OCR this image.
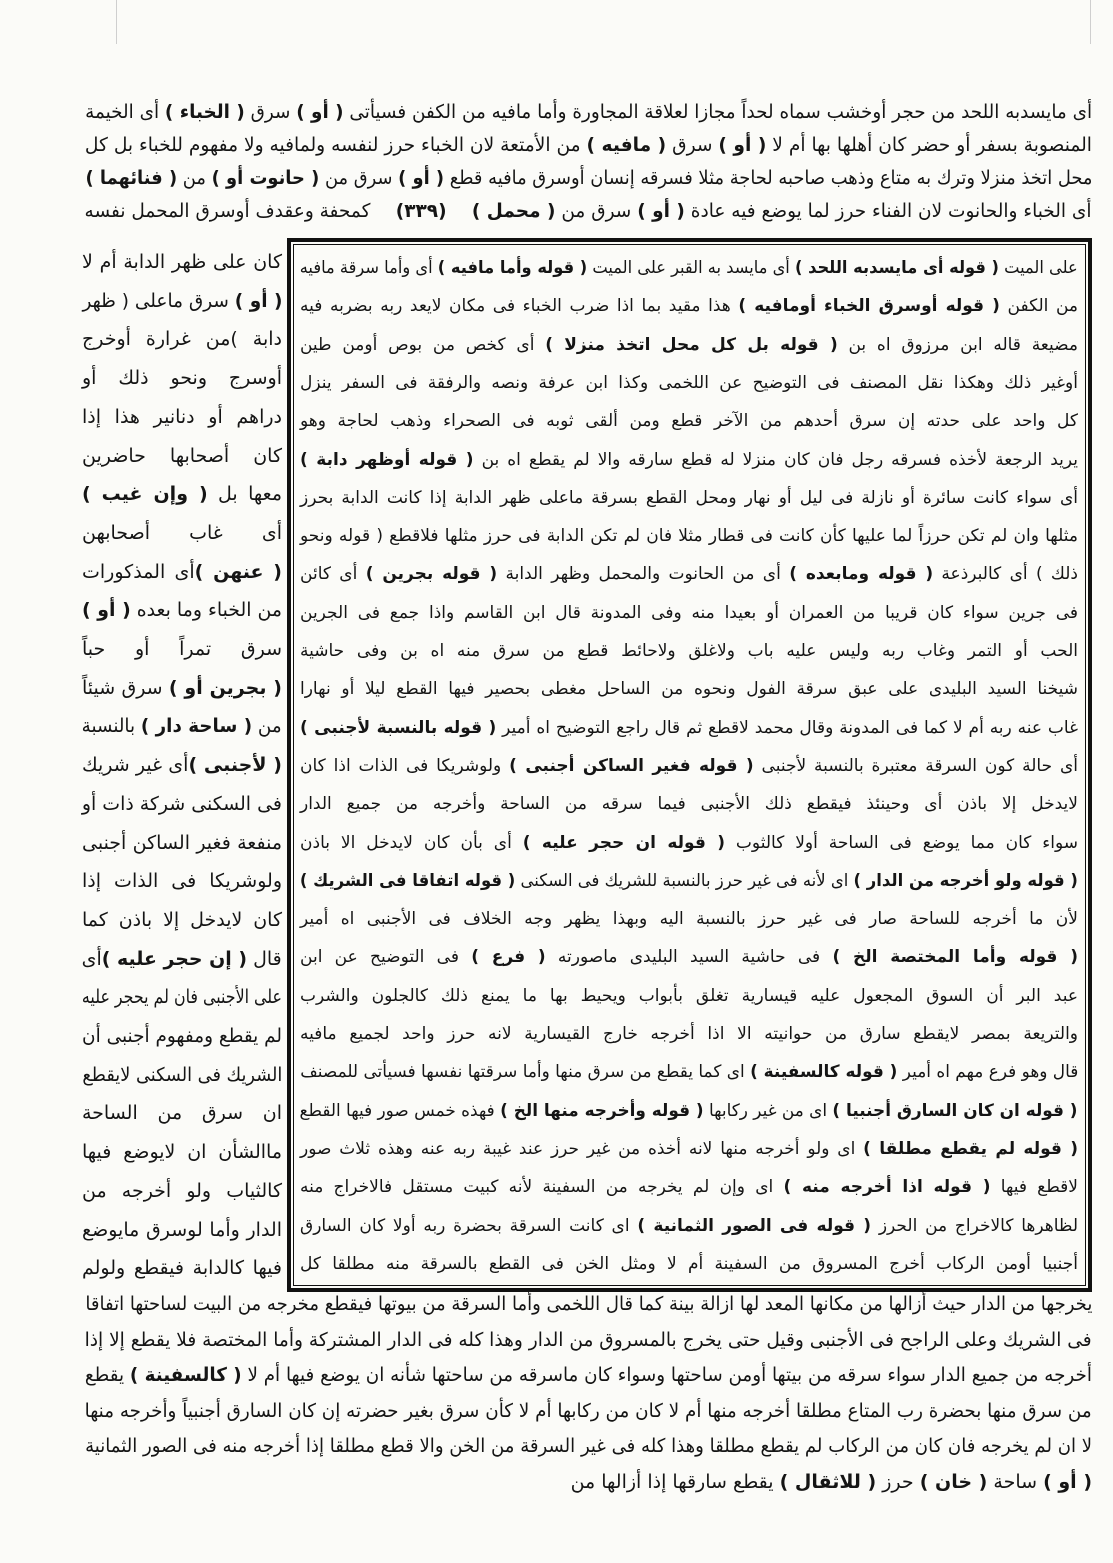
أى الخباء والحانوت لان الفناء حرز لما يوضع فيه عادة ( أو ) سرق من ( محمل )(٣٣٩)كمحفة وعقدف أوسرق المحمل نفسه
أى مايسدبه اللحد من حجر أوخشب سماه لحداً مجازا لعلاقة المجاورة وأما مافيه من الكفن فسيأتى ( أو ) سرق ( الخباء ) أى الخيمة
المنصوبة بسفر أو حضر كان أهلها بها أم لا ( أو ) سرق ( مافيه ) من الأمتعة لان الخباء حرز لنفسه ولمافيه ولا مفهوم للخباء بل كل
محل اتخذ منزلا وترك به متاع وذهب صاحبه لحاجة مثلا فسرقه إنسان أوسرق مافيه قطع ( أو ) سرق من ( حانوت أو ) من ( فنائهما )
على الميت ( قوله أى مايسدبه اللحد ) أى مايسد به القبر على الميت ( قوله وأما مافيه ) أى وأما سرقة مافيه
من الكفن ( قوله أوسرق الخباء أومافيه ) هذا مقيد بما اذا ضرب الخباء فى مكان لايعد ربه بضربه فيه
مضيعة قاله ابن مرزوق اه بن ( قوله بل كل محل اتخذ منزلا ) أى كخص من بوص أومن طين
أوغير ذلك وهكذا نقل المصنف فى التوضيح عن اللخمى وكذا ابن عرفة ونصه والرفقة فى السفر ينزل
كل واحد على حدته إن سرق أحدهم من الآخر قطع ومن ألقى ثوبه فى الصحراء وذهب لحاجة وهو
يريد الرجعة لأخذه فسرقه رجل فان كان منزلا له قطع سارقه والا لم يقطع اه بن ( قوله أوظهر دابة )
أى سواء كانت سائرة أو نازلة فى ليل أو نهار ومحل القطع بسرقة ماعلى ظهر الدابة إذا كانت الدابة بحرز
مثلها وان لم تكن حرزاً لما عليها كأن كانت فى قطار مثلا فان لم تكن الدابة فى حرز مثلها فلاقطع ( قوله ونحو
ذلك ) أى كالبرذعة ( قوله ومابعده ) أى من الحانوت والمحمل وظهر الدابة ( قوله بجرين ) أى كائن
فى جرين سواء كان قريبا من العمران أو بعيدا منه وفى المدونة قال ابن القاسم واذا جمع فى الجرين
الحب أو التمر وغاب ربه وليس عليه باب ولاغلق ولاحائط قطع من سرق منه اه بن وفى حاشية
شيخنا السيد البليدى على عبق سرقة الفول ونحوه من الساحل مغطى بحصير فيها القطع ليلا أو نهارا
غاب عنه ربه أم لا كما فى المدونة وقال محمد لاقطع ثم قال راجع التوضيح اه أمير ( قوله بالنسبة لأجنبى )
أى حالة كون السرقة معتبرة بالنسبة لأجنبى ( قوله فغير الساكن أجنبى ) ولوشريكا فى الذات اذا كان
لايدخل إلا باذن أى وحينئذ فيقطع ذلك الأجنبى فيما سرقه من الساحة وأخرجه من جميع الدار
سواء كان مما يوضع فى الساحة أولا كالثوب ( قوله ان حجر عليه ) أى بأن كان لايدخل الا باذن
( قوله ولو أخرجه من الدار ) اى لأنه فى غير حرز بالنسبة للشريك فى السكنى ( قوله اتفاقا فى الشريك )
لأن ما أخرجه للساحة صار فى غير حرز بالنسبة اليه وبهذا يظهر وجه الخلاف فى الأجنبى اه أمير
( قوله وأما المختصة الخ ) فى حاشية السيد البليدى ماصورته ( فرع ) فى التوضيح عن ابن
عبد البر أن السوق المجعول عليه قيسارية تغلق بأبواب ويحيط بها ما يمنع ذلك كالجلون والشرب
والتريعة بمصر لايقطع سارق من حوانيته الا اذا أخرجه خارج القيسارية لانه حرز واحد لجميع مافيه
قال وهو فرع مهم اه أمير ( قوله كالسفينة ) اى كما يقطع من سرق منها وأما سرقتها نفسها فسيأتى للمصنف
( قوله ان كان السارق أجنبيا ) اى من غير ركابها ( قوله وأخرجه منها الخ ) فهذه خمس صور فيها القطع
( قوله لم يقطع مطلقا ) اى ولو أخرجه منها لانه أخذه من غير حرز عند غيبة ربه عنه وهذه ثلاث صور
لاقطع فيها ( قوله اذا أخرجه منه ) اى وإن لم يخرجه من السفينة لأنه كبيت مستقل فالاخراج منه
لظاهرها كالاخراج من الحرز ( قوله فى الصور الثمانية ) اى كانت السرقة بحضرة ربه أولا كان السارق
أجنبيا أومن الركاب أخرج المسروق من السفينة أم لا ومثل الخن فى القطع بالسرقة منه مطلقا كل
كان على ظهر الدابة أم لا
( أو ) سرق ماعلى ( ظهر
دابة )من غرارة أوخرج
أوسرج ونحو ذلك أو
دراهم أو دنانير هذا إذا
كان أصحابها حاضرين
معها بل ( وإن غيب )
أى غاب أصحابهن
( عنهن )أى المذكورات
من الخباء وما بعده ( أو )
سرق تمراً أو حباً
( بجرين أو ) سرق شيئاً
من ( ساحة دار ) بالنسبة
( لأجنبى )أى غير شريك
فى السكنى شركة ذات أو
منفعة فغير الساكن أجنبى
ولوشريكا فى الذات إذا
كان لايدخل إلا باذن كما
قال ( إن حجر عليه )أى
على الأجنبى فان لم يحجر عليه
لم يقطع ومفهوم أجنبى أن
الشريك فى السكنى لايقطع
ان سرق من الساحة
ماالشأن ان لايوضع فيها
كالثياب ولو أخرجه من
الدار وأما لوسرق مايوضع
فيها كالدابة فيقطع ولولم
يخرجها من الدار حيث أزالها من مكانها المعد لها ازالة بينة كما قال اللخمى وأما السرقة من بيوتها فيقطع مخرجه من البيت لساحتها اتفاقا
فى الشريك وعلى الراجح فى الأجنبى وقيل حتى يخرج بالمسروق من الدار وهذا كله فى الدار المشتركة وأما المختصة فلا يقطع إلا إذا
أخرجه من جميع الدار سواء سرقه من بيتها أومن ساحتها وسواء كان ماسرقه من ساحتها شأنه ان يوضع فيها أم لا ( كالسفينة ) يقطع
من سرق منها بحضرة رب المتاع مطلقا أخرجه منها أم لا كان من ركابها أم لا كأن سرق بغير حضرته إن كان السارق أجنبياً وأخرجه منها
لا ان لم يخرجه فان كان من الركاب لم يقطع مطلقا وهذا كله فى غير السرقة من الخن والا قطع مطلقا إذا أخرجه منه فى الصور الثمانية
( أو ) ساحة ( خان ) حرز ( للاثقال ) يقطع سارقها إذا أزالها من
